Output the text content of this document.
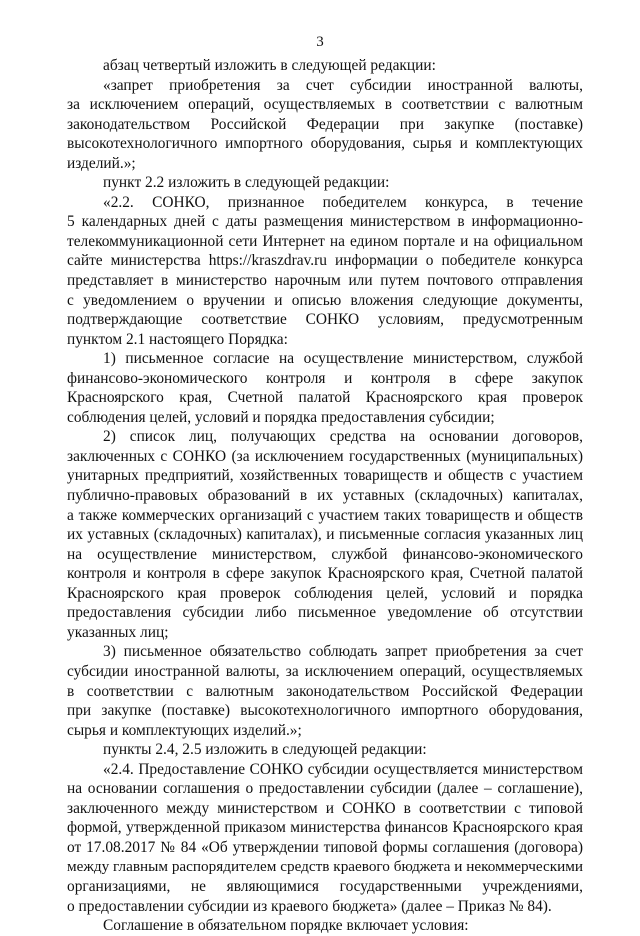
3
абзац четвертый изложить в следующей редакции:
«запрет приобретения за счет субсидии иностранной валюты,
за исключением операций, осуществляемых в соответствии с валютным
законодательством Российской Федерации при закупке (поставке)
высокотехнологичного импортного оборудования, сырья и комплектующих
изделий.»;
пункт 2.2 изложить в следующей редакции:
«2.2. СОНКО, признанное победителем конкурса, в течение
5 календарных дней с даты размещения министерством в информационно-
телекоммуникационной сети Интернет на едином портале и на официальном
сайте министерства https://kraszdrav.ru информации о победителе конкурса
представляет в министерство нарочным или путем почтового отправления
с уведомлением о вручении и описью вложения следующие документы,
подтверждающие соответствие СОНКО условиям, предусмотренным
пунктом 2.1 настоящего Порядка:
1) письменное согласие на осуществление министерством, службой
финансово-экономического контроля и контроля в сфере закупок
Красноярского края, Счетной палатой Красноярского края проверок
соблюдения целей, условий и порядка предоставления субсидии;
2) список лиц, получающих средства на основании договоров,
заключенных с СОНКО (за исключением государственных (муниципальных)
унитарных предприятий, хозяйственных товариществ и обществ с участием
публично-правовых образований в их уставных (складочных) капиталах,
а также коммерческих организаций с участием таких товариществ и обществ
их уставных (складочных) капиталах), и письменные согласия указанных лиц
на осуществление министерством, службой финансово-экономического
контроля и контроля в сфере закупок Красноярского края, Счетной палатой
Красноярского края проверок соблюдения целей, условий и порядка
предоставления субсидии либо письменное уведомление об отсутствии
указанных лиц;
3) письменное обязательство соблюдать запрет приобретения за счет
субсидии иностранной валюты, за исключением операций, осуществляемых
в соответствии с валютным законодательством Российской Федерации
при закупке (поставке) высокотехнологичного импортного оборудования,
сырья и комплектующих изделий.»;
пункты 2.4, 2.5 изложить в следующей редакции:
«2.4. Предоставление СОНКО субсидии осуществляется министерством
на основании соглашения о предоставлении субсидии (далее – соглашение),
заключенного между министерством и СОНКО в соответствии с типовой
формой, утвержденной приказом министерства финансов Красноярского края
от 17.08.2017 № 84 «Об утверждении типовой формы соглашения (договора)
между главным распорядителем средств краевого бюджета и некоммерческими
организациями, не являющимися государственными учреждениями,
о предоставлении субсидии из краевого бюджета» (далее – Приказ № 84).
Соглашение в обязательном порядке включает условия:
